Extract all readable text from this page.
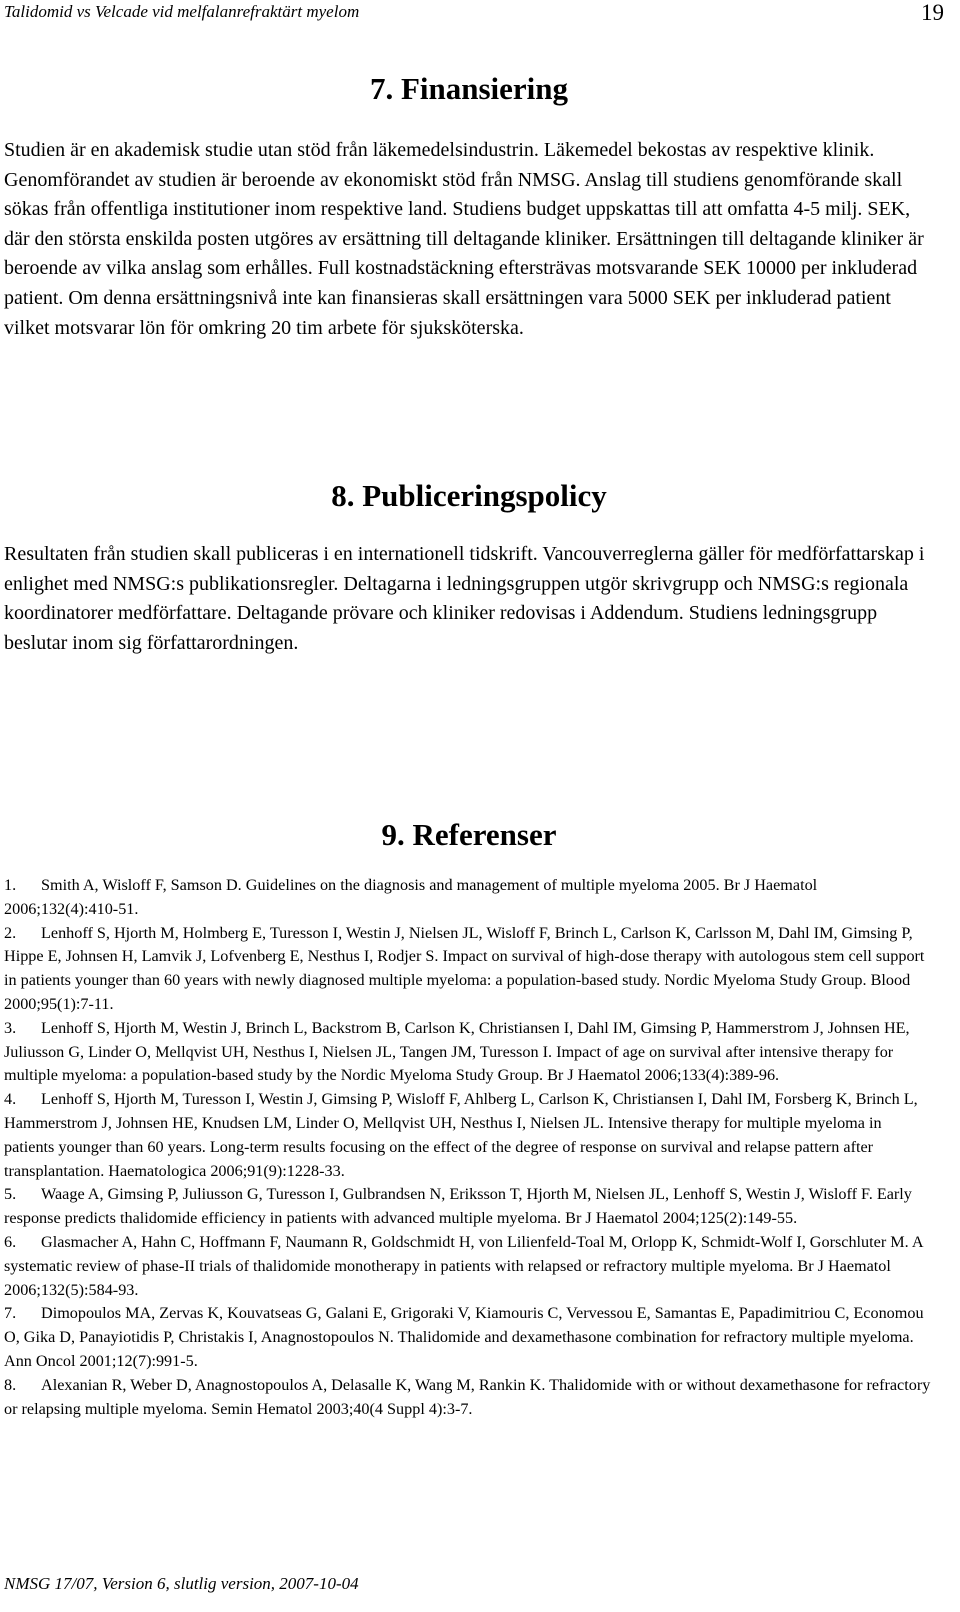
Talidomid vs Velcade vid melfalanrefraktärt myelom	19
7. Finansiering

Studien är en akademisk studie utan stöd från läkemedelsindustrin. Läkemedel bekostas av respektive klinik. Genomförandet av studien är beroende av ekonomiskt stöd från NMSG. Anslag till studiens genomförande skall sökas från offentliga institutioner inom respektive land. Studiens budget uppskattas till att omfatta 4-5 milj. SEK, där den största enskilda posten utgöres av ersättning till deltagande kliniker. Ersättningen till deltagande kliniker är beroende av vilka anslag som erhålles. Full kostnadstäckning eftersträvas motsvarande SEK 10000 per inkluderad patient. Om denna ersättningsnivå inte kan finansieras skall ersättningen vara 5000 SEK per inkluderad patient vilket motsvarar lön för omkring 20 tim arbete för sjuksköterska.

8. Publiceringspolicy

Resultaten från studien skall publiceras i en internationell tidskrift. Vancouverreglerna gäller för medförfattarskap i enlighet med NMSG:s publikationsregler. Deltagarna i ledningsgruppen utgör skrivgrupp och NMSG:s regionala koordinatorer medförfattare. Deltagande prövare och kliniker redovisas i Addendum. Studiens ledningsgrupp beslutar inom sig författarordningen.

9. Referenser
1. Smith A, Wisloff F, Samson D. Guidelines on the diagnosis and management of multiple myeloma 2005. Br J Haematol 2006;132(4):410-51.
2. Lenhoff S, Hjorth M, Holmberg E, Turesson I, Westin J, Nielsen JL, Wisloff F, Brinch L, Carlson K, Carlsson M, Dahl IM, Gimsing P, Hippe E, Johnsen H, Lamvik J, Lofvenberg E, Nesthus I, Rodjer S. Impact on survival of high-dose therapy with autologous stem cell support in patients younger than 60 years with newly diagnosed multiple myeloma: a population-based study. Nordic Myeloma Study Group. Blood 2000;95(1):7-11.
3. Lenhoff S, Hjorth M, Westin J, Brinch L, Backstrom B, Carlson K, Christiansen I, Dahl IM, Gimsing P, Hammerstrom J, Johnsen HE, Juliusson G, Linder O, Mellqvist UH, Nesthus I, Nielsen JL, Tangen JM, Turesson I. Impact of age on survival after intensive therapy for multiple myeloma: a population-based study by the Nordic Myeloma Study Group. Br J Haematol 2006;133(4):389-96.
4. Lenhoff S, Hjorth M, Turesson I, Westin J, Gimsing P, Wisloff F, Ahlberg L, Carlson K, Christiansen I, Dahl IM, Forsberg K, Brinch L, Hammerstrom J, Johnsen HE, Knudsen LM, Linder O, Mellqvist UH, Nesthus I, Nielsen JL. Intensive therapy for multiple myeloma in patients younger than 60 years. Long-term results focusing on the effect of the degree of response on survival and relapse pattern after transplantation. Haematologica 2006;91(9):1228-33.
5. Waage A, Gimsing P, Juliusson G, Turesson I, Gulbrandsen N, Eriksson T, Hjorth M, Nielsen JL, Lenhoff S, Westin J, Wisloff F. Early response predicts thalidomide efficiency in patients with advanced multiple myeloma. Br J Haematol 2004;125(2):149-55.
6. Glasmacher A, Hahn C, Hoffmann F, Naumann R, Goldschmidt H, von Lilienfeld-Toal M, Orlopp K, Schmidt-Wolf I, Gorschluter M. A systematic review of phase-II trials of thalidomide monotherapy in patients with relapsed or refractory multiple myeloma. Br J Haematol 2006;132(5):584-93.
7. Dimopoulos MA, Zervas K, Kouvatseas G, Galani E, Grigoraki V, Kiamouris C, Vervessou E, Samantas E, Papadimitriou C, Economou O, Gika D, Panayiotidis P, Christakis I, Anagnostopoulos N. Thalidomide and dexamethasone combination for refractory multiple myeloma. Ann Oncol 2001;12(7):991-5.
8. Alexanian R, Weber D, Anagnostopoulos A, Delasalle K, Wang M, Rankin K. Thalidomide with or without dexamethasone for refractory or relapsing multiple myeloma. Semin Hematol 2003;40(4 Suppl 4):3-7.
NMSG 17/07, Version 6, slutlig version, 2007-10-04
